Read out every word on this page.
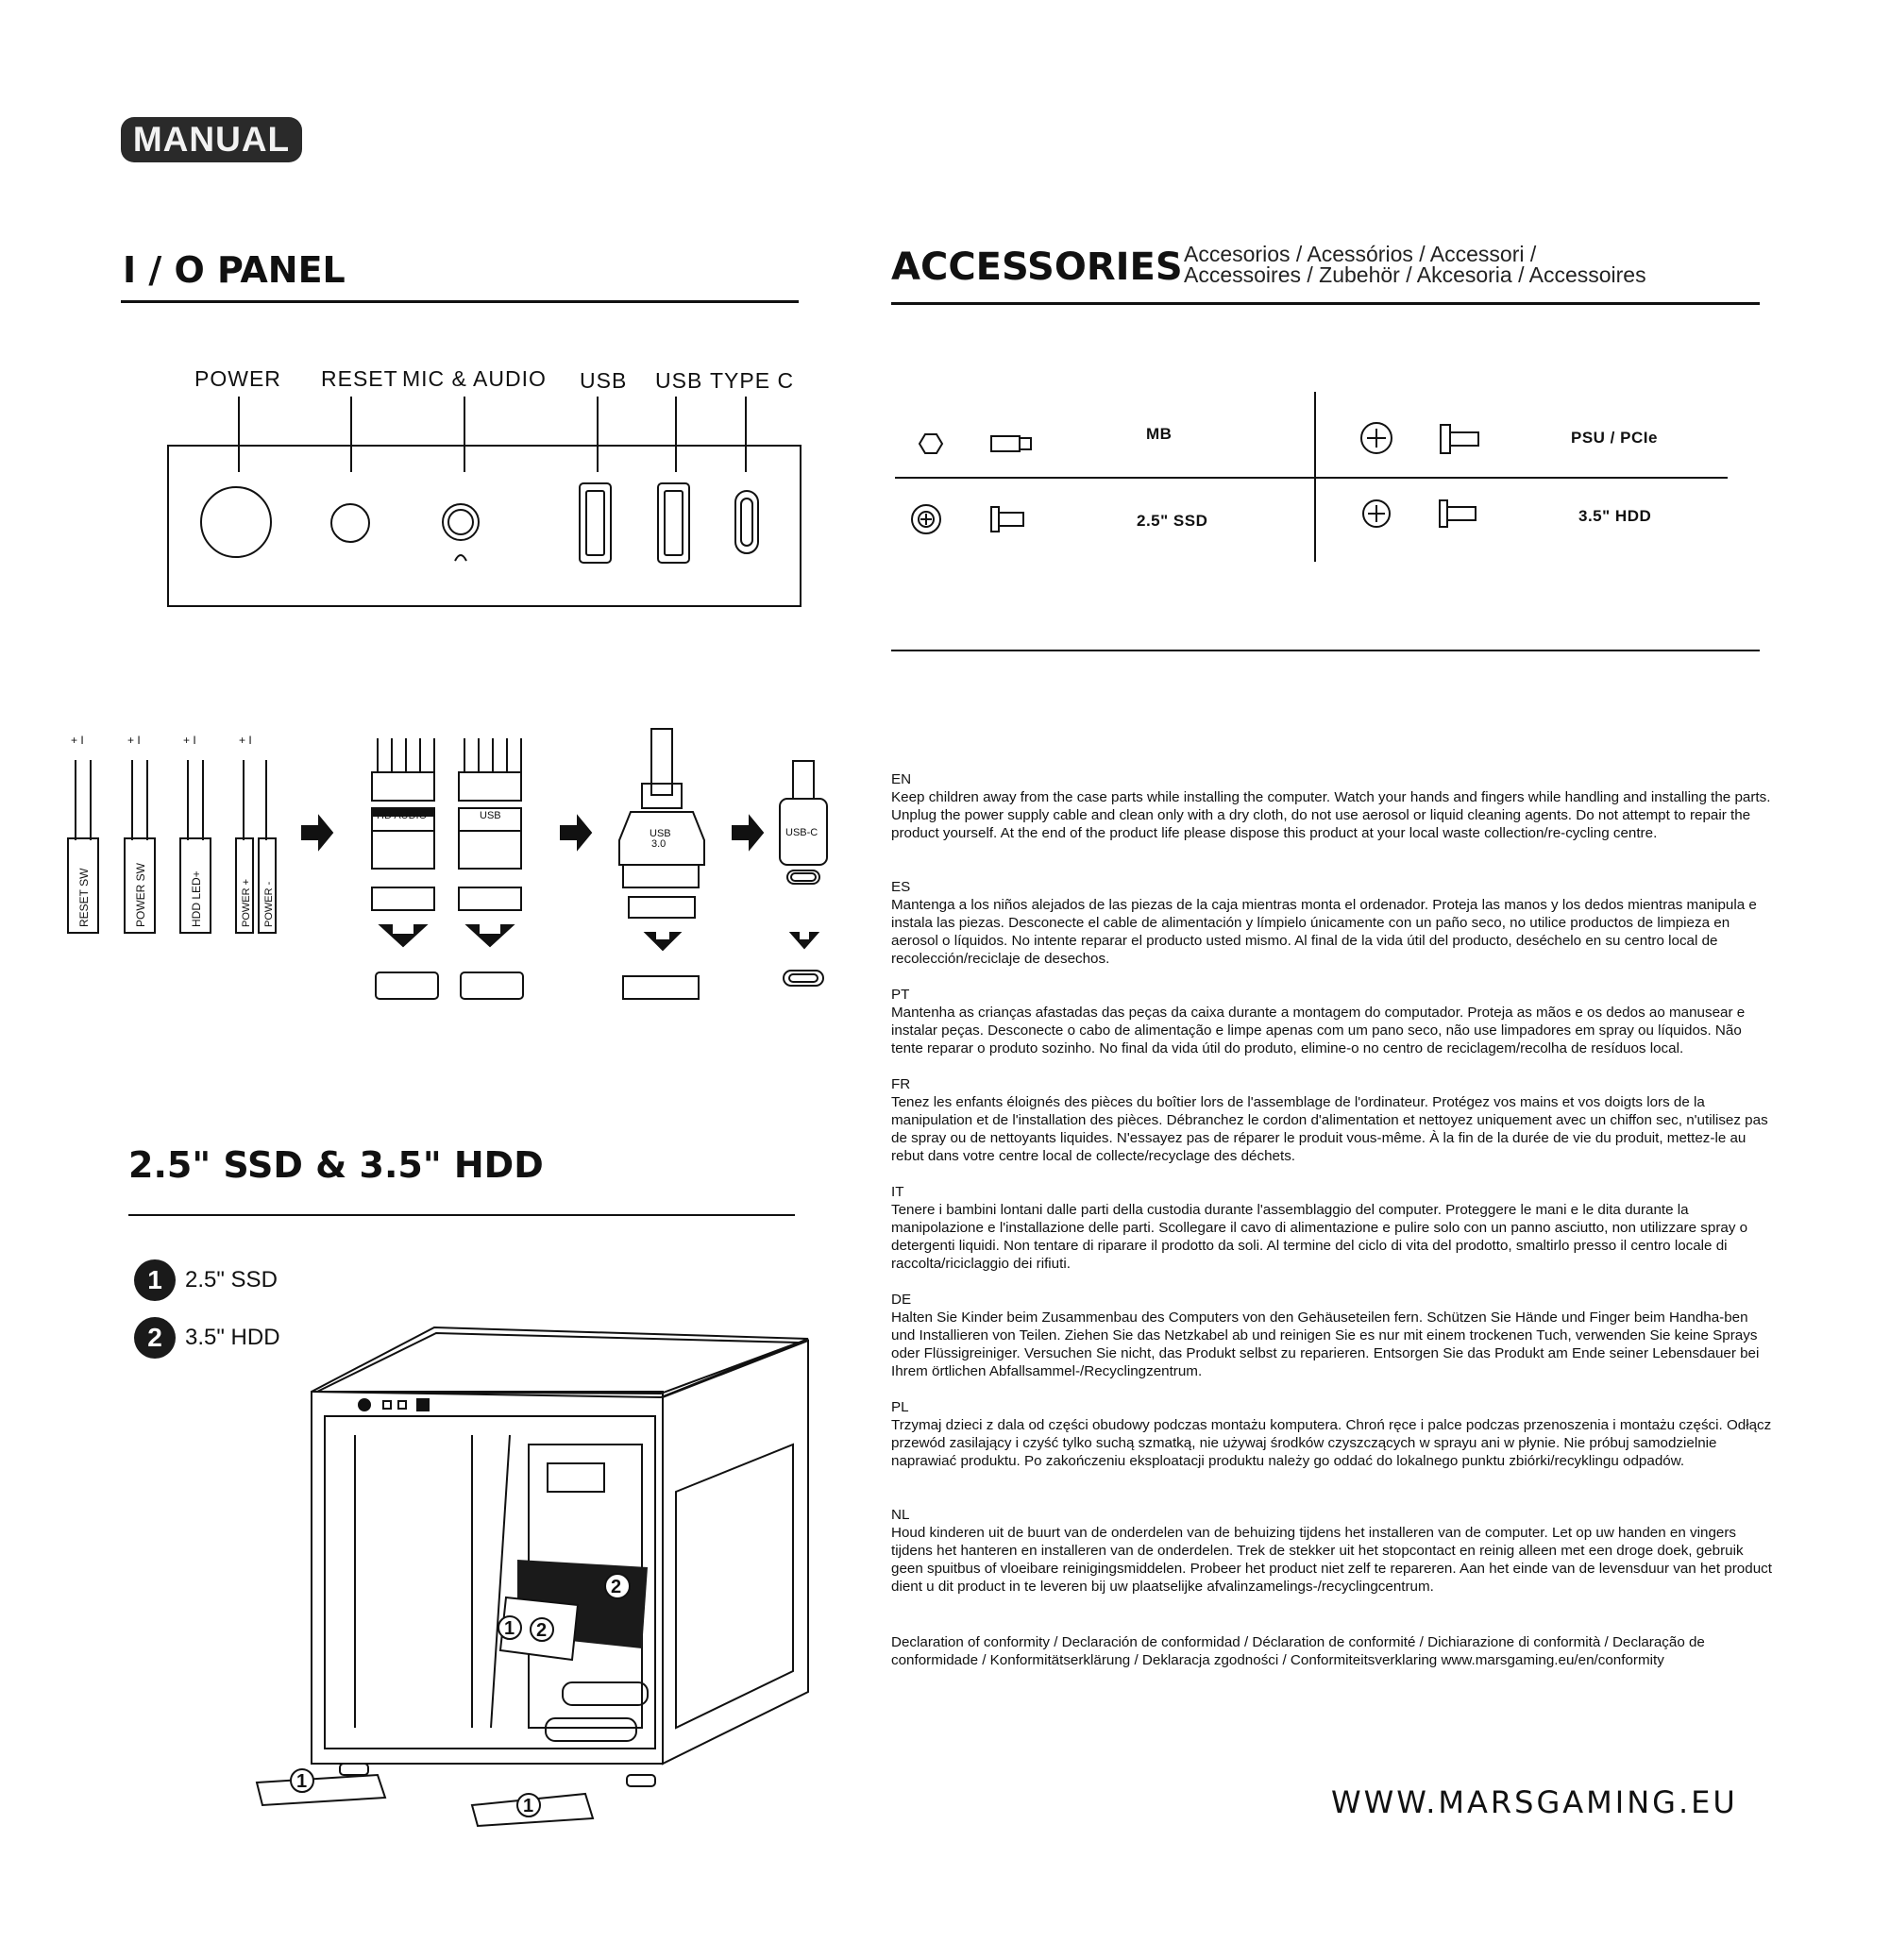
MANUAL
I / O PANEL
POWER RESET MIC & AUDIO USB USB TYPE C
ACCESSORIES Accesorios / Acessórios / Accessori /
Accessoires / Zubehör / Akcesoria / Accessoires
MB	PSU / PCIe
2.5" SSD	3.5" HDD
+ I	+ I	+ I	+ I
RESET SW	POWER SW	HDD LED+	POWER + POWER -
HD AUDIO	USB
USB
3.0
USB-C
2.5" SSD & 3.5" HDD
1	2.5" SSD
2	3.5" HDD
2
1 2
1
1
EN

Keep children away from the case parts while installing the computer. Watch your hands and fingers while handling and installing the parts. Unplug the power supply cable and clean only with a dry cloth, do not use aerosol or liquid cleaning agents. Do not attempt to repair the product yourself. At the end of the product life please dispose this product at your local waste collection/re-cycling centre.

ES

Mantenga a los niños alejados de las piezas de la caja mientras monta el ordenador. Proteja las manos y los dedos mientras manipula e instala las piezas. Desconecte el cable de alimentación y límpielo únicamente con un paño seco, no utilice productos de limpieza en aerosol o líquidos. No intente reparar el producto usted mismo. Al final de la vida útil del producto, deséchelo en su centro local de recolección/reciclaje de desechos.

PT

Mantenha as crianças afastadas das peças da caixa durante a montagem do computador. Proteja as mãos e os dedos ao manusear e instalar peças. Desconecte o cabo de alimentação e limpe apenas com um pano seco, não use limpadores em spray ou líquidos. Não tente reparar o produto sozinho. No final da vida útil do produto, elimine-o no centro de reciclagem/recolha de resíduos local.

FR

Tenez les enfants éloignés des pièces du boîtier lors de l'assemblage de l'ordinateur. Protégez vos mains et vos doigts lors de la manipulation et de l'installation des pièces. Débranchez le cordon d'alimentation et nettoyez uniquement avec un chiffon sec, n'utilisez pas de spray ou de nettoyants liquides. N'essayez pas de réparer le produit vous-même. À la fin de la durée de vie du produit, mettez-le au rebut dans votre centre local de collecte/recyclage des déchets.

IT

Tenere i bambini lontani dalle parti della custodia durante l'assemblaggio del computer. Proteggere le mani e le dita durante la manipolazione e l'installazione delle parti. Scollegare il cavo di alimentazione e pulire solo con un panno asciutto, non utilizzare spray o detergenti liquidi. Non tentare di riparare il prodotto da soli. Al termine del ciclo di vita del prodotto, smaltirlo presso il centro locale di raccolta/riciclaggio dei rifiuti.

DE

Halten Sie Kinder beim Zusammenbau des Computers von den Gehäuseteilen fern. Schützen Sie Hände und Finger beim Handha-ben und Installieren von Teilen. Ziehen Sie das Netzkabel ab und reinigen Sie es nur mit einem trockenen Tuch, verwenden Sie keine Sprays oder Flüssigreiniger. Versuchen Sie nicht, das Produkt selbst zu reparieren. Entsorgen Sie das Produkt am Ende seiner Lebensdauer bei Ihrem örtlichen Abfallsammel-/Recyclingzentrum.

PL

Trzymaj dzieci z dala od części obudowy podczas montażu komputera. Chroń ręce i palce podczas przenoszenia i montażu części. Odłącz przewód zasilający i czyść tylko suchą szmatką, nie używaj środków czyszczących w sprayu ani w płynie. Nie próbuj samodzielnie naprawiać produktu. Po zakończeniu eksploatacji produktu należy go oddać do lokalnego punktu zbiórki/recyklingu odpadów.

NL

Houd kinderen uit de buurt van de onderdelen van de behuizing tijdens het installeren van de computer. Let op uw handen en vingers tijdens het hanteren en installeren van de onderdelen. Trek de stekker uit het stopcontact en reinig alleen met een droge doek, gebruik geen spuitbus of vloeibare reinigingsmiddelen. Probeer het product niet zelf te repareren. Aan het einde van de levensduur van het product dient u dit product in te leveren bij uw plaatselijke afvalinzamelings-/recyclingcentrum.

Declaration of conformity / Declaración de conformidad / Déclaration de conformité / Dichiarazione di conformità / Declaração de conformidade / Konformitätserklärung / Deklaracja zgodności / Conformiteitsverklaring www.marsgaming.eu/en/conformity
WWW.MARSGAMING.EU
